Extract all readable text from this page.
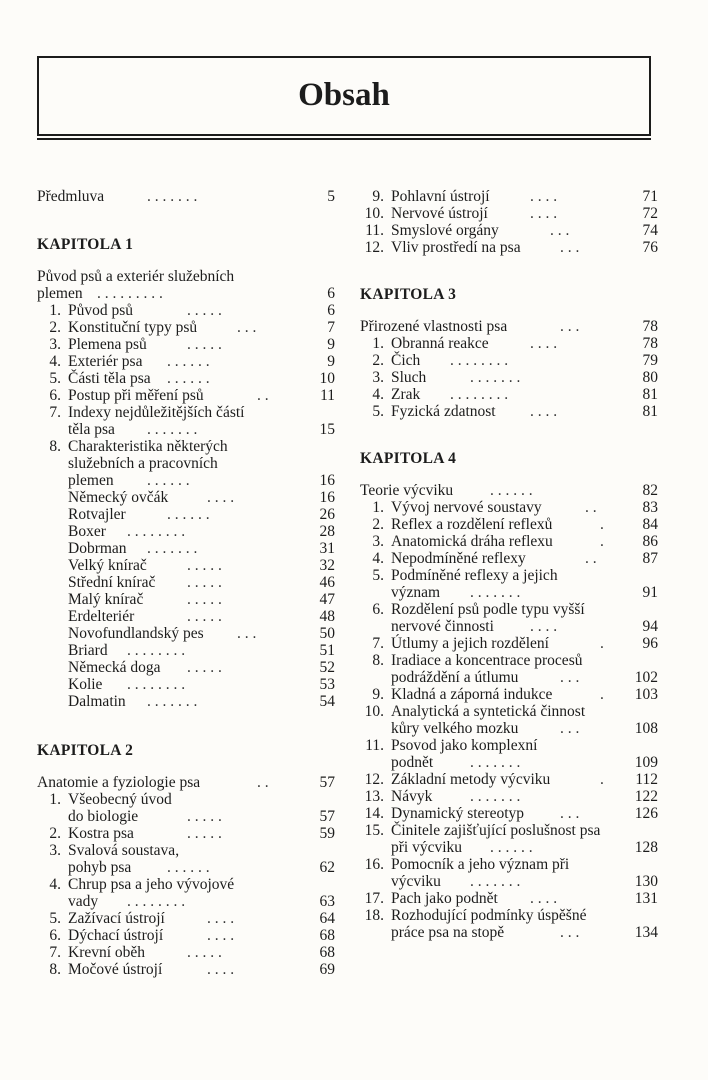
Obsah
Předmluva	. . . . . . .	5
KAPITOLA 1
Původ psů a exteriér služebních
plemen . . . . . . . . .	6
1. Původ psů	. . . . .	6
2. Konstituční typy psů	. . .	7
3. Plemena psů	. . . . .	9
4. Exteriér psa . . . . . .	9
5. Části těla psa . . . . . .	10
6. Postup při měření psů	. .	11
7. Indexy nejdůležitějších částí
těla psa . . . . . . .	15
8. Charakteristika některých
služebních a pracovních
plemen . . . . . .	16
Německý ovčák . . . .	16
Rotvajler	. . . . . .	26
Boxer . . . . . . . .	28
Dobrman . . . . . . .	31
Velký knírač	. . . . .	32
Střední knírač . . . . .	46
Malý knírač	. . . . .	47
Erdelteriér	. . . . .	48
Novofundlandský pes . . .	50
Briard . . . . . . . .	51
Německá doga . . . . .	52
Kolie . . . . . . . .	53
Dalmatin . . . . . . .	54
KAPITOLA 2
Anatomie a fyziologie psa	. .	57
1. Všeobecný úvod
do biologie	. . . . .	57
2. Kostra psa	. . . . .	59
3. Svalová soustava,
pohyb psa . . . . . .	62
4. Chrup psa a jeho vývojové
vady . . . . . . . .	63
5. Zažívací ústrojí	. . . .	64
6. Dýchací ústrojí	. . . .	68
7. Krevní oběh	. . . . .	68
8. Močové ústrojí	. . . .	69
9. Pohlavní ústrojí	. . . .	71
10. Nervové ústrojí	. . . .	72
11. Smyslové orgány	. . .	74
12. Vliv prostředí na psa	. . .	76
KAPITOLA 3
Přirozené vlastnosti psa	. . .	78
1. Obranná reakce	. . . .	78
2. Čich . . . . . . . .	79
3. Sluch	. . . . . . .	80
4. Zrak . . . . . . . .	81
5. Fyzická zdatnost . . . .	81
KAPITOLA 4
Teorie výcviku . . . . . .	82
1. Vývoj nervové soustavy	. .	83
2. Reflex a rozdělení reflexů	. 84
3. Anatomická dráha reflexu	. 86
4. Nepodmíněné reflexy	. .	87
5. Podmíněné reflexy a jejich
význam . . . . . . .	91
6. Rozdělení psů podle typu vyšší
nervové činnosti . . . .	94
7. Útlumy a jejich rozdělení	. 96
8. Iradiace a koncentrace procesů
podráždění a útlumu	. . .	102
9. Kladná a záporná indukce	. 103
10. Analytická a syntetická činnost
kůry velkého mozku	. . .	108
11. Psovod jako komplexní
podnět . . . . . . .	109
12. Základní metody výcviku	. 112
13. Návyk . . . . . . .	122
14. Dynamický stereotyp . . .	126
15. Činitele zajišťující poslušnost psa
při výcviku . . . . . .	128
16. Pomocník a jeho význam při
výcviku . . . . . . .	130
17. Pach jako podnět . . . .	131
18. Rozhodující podmínky úspěšné
práce psa na stopě	. . .	134
